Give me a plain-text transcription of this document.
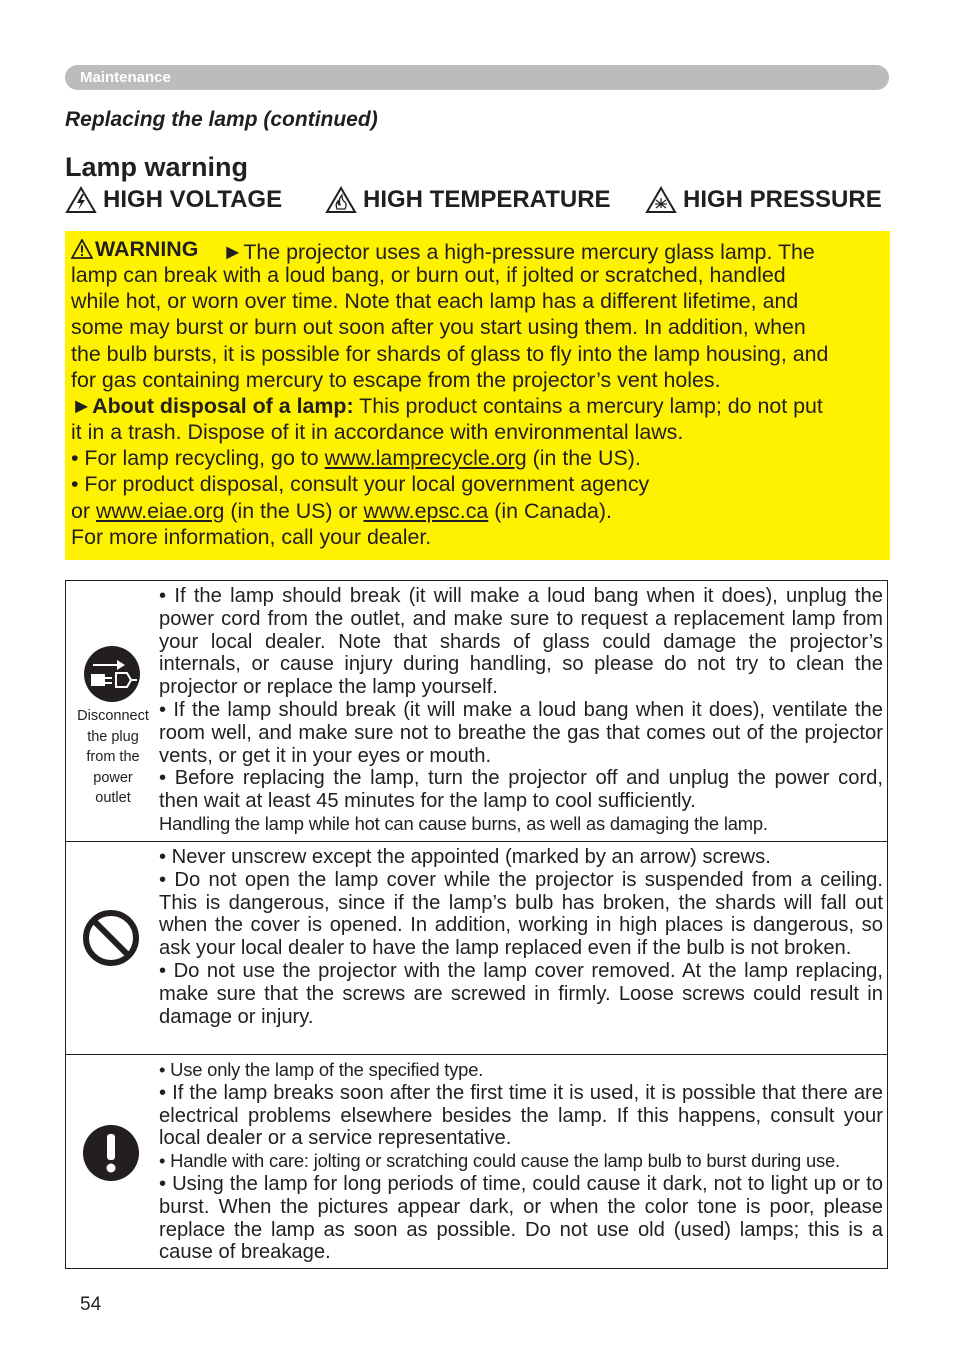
Maintenance
Replacing the lamp (continued)
Lamp warning
HIGH VOLTAGE	HIGH TEMPERATURE	HIGH PRESSURE
WARNING ►The projector uses a high-pressure mercury glass lamp. The
lamp can break with a loud bang, or burn out, if jolted or scratched, handled
while hot, or worn over time. Note that each lamp has a different lifetime, and
some may burst or burn out soon after you start using them. In addition, when
the bulb bursts, it is possible for shards of glass to fly into the lamp housing, and
for gas containing mercury to escape from the projector’s vent holes.
►About disposal of a lamp: This product contains a mercury lamp; do not put
it in a trash. Dispose of it in accordance with environmental laws.
• For lamp recycling, go to www.lamprecycle.org (in the US).
• For product disposal, consult your local government agency
or www.eiae.org (in the US) or www.epsc.ca (in Canada).
For more information, call your dealer.
Disconnect
the plug
from the
power
outlet

• If the lamp should break (it will make a loud bang when it does), unplug the power cord from the outlet, and make sure to request a replacement lamp from your local dealer. Note that shards of glass could damage the projector’s internals, or cause injury during handling, so please do not try to clean the projector or replace the lamp yourself.

• If the lamp should break (it will make a loud bang when it does), ventilate the room well, and make sure not to breathe the gas that comes out of the projector vents, or get it in your eyes or mouth.

• Before replacing the lamp, turn the projector off and unplug the power cord, then wait at least 45 minutes for the lamp to cool sufficiently.

Handling the lamp while hot can cause burns, as well as damaging the lamp.

• Never unscrew except the appointed (marked by an arrow) screws.

• Do not open the lamp cover while the projector is suspended from a ceiling. This is dangerous, since if the lamp’s bulb has broken, the shards will fall out when the cover is opened. In addition, working in high places is dangerous, so ask your local dealer to have the lamp replaced even if the bulb is not broken.

• Do not use the projector with the lamp cover removed. At the lamp replacing, make sure that the screws are screwed in firmly. Loose screws could result in damage or injury.

• Use only the lamp of the specified type.

• If the lamp breaks soon after the first time it is used, it is possible that there are electrical problems elsewhere besides the lamp. If this happens, consult your local dealer or a service representative.

• Handle with care: jolting or scratching could cause the lamp bulb to burst during use.

• Using the lamp for long periods of time, could cause it dark, not to light up or to burst. When the pictures appear dark, or when the color tone is poor, please replace the lamp as soon as possible. Do not use old (used) lamps; this is a cause of breakage.

54
